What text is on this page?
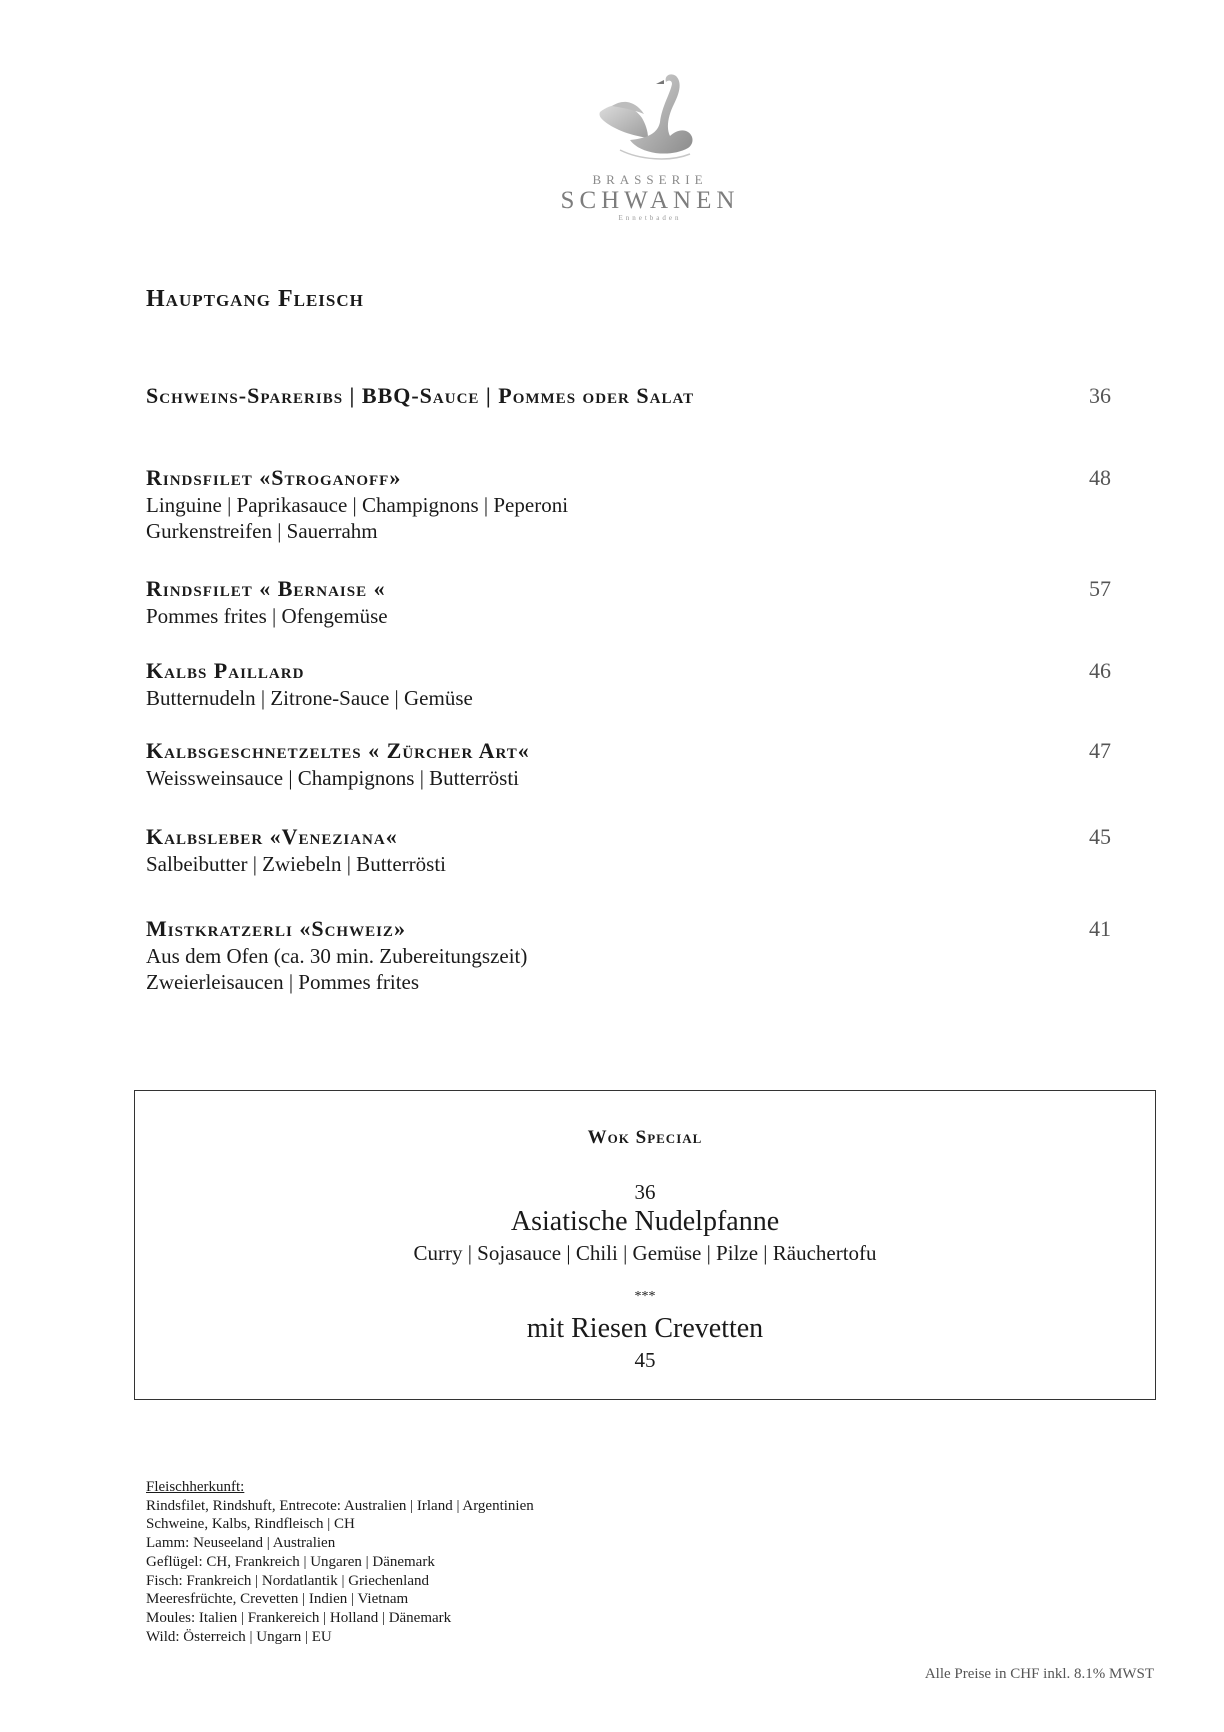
BRASSERIE
SCHWANEN
Ennetbaden
Hauptgang Fleisch
Schweins-Spareribs | BBQ-Sauce | Pommes oder Salat	36
Rindsfilet «Stroganoff»
Linguine | Paprikasauce | Champignons | Peperoni
Gurkenstreifen | Sauerrahm
48
Rindsfilet « Bernaise «
Pommes frites | Ofengemüse
57
Kalbs Paillard
Butternudeln | Zitrone-Sauce | Gemüse
46
Kalbsgeschnetzeltes « Zürcher Art«
Weissweinsauce | Champignons | Butterrösti
47
Kalbsleber «Veneziana«
Salbeibutter | Zwiebeln | Butterrösti
45
Mistkratzerli «Schweiz»
Aus dem Ofen (ca. 30 min. Zubereitungszeit)
Zweierleisaucen | Pommes frites
41
Wok Special
36
Asiatische Nudelpfanne
Curry | Sojasauce | Chili | Gemüse | Pilze | Räuchertofu
***
mit Riesen Crevetten
45
Fleischherkunft:
Rindsfilet, Rindshuft, Entrecote: Australien | Irland | Argentinien
Schweine, Kalbs, Rindfleisch | CH
Lamm: Neuseeland | Australien
Geflügel: CH, Frankreich | Ungaren | Dänemark
Fisch: Frankreich | Nordatlantik | Griechenland
Meeresfrüchte, Crevetten | Indien | Vietnam
Moules: Italien | Frankereich | Holland | Dänemark
Wild: Österreich | Ungarn | EU
Alle Preise in CHF inkl. 8.1% MWST
